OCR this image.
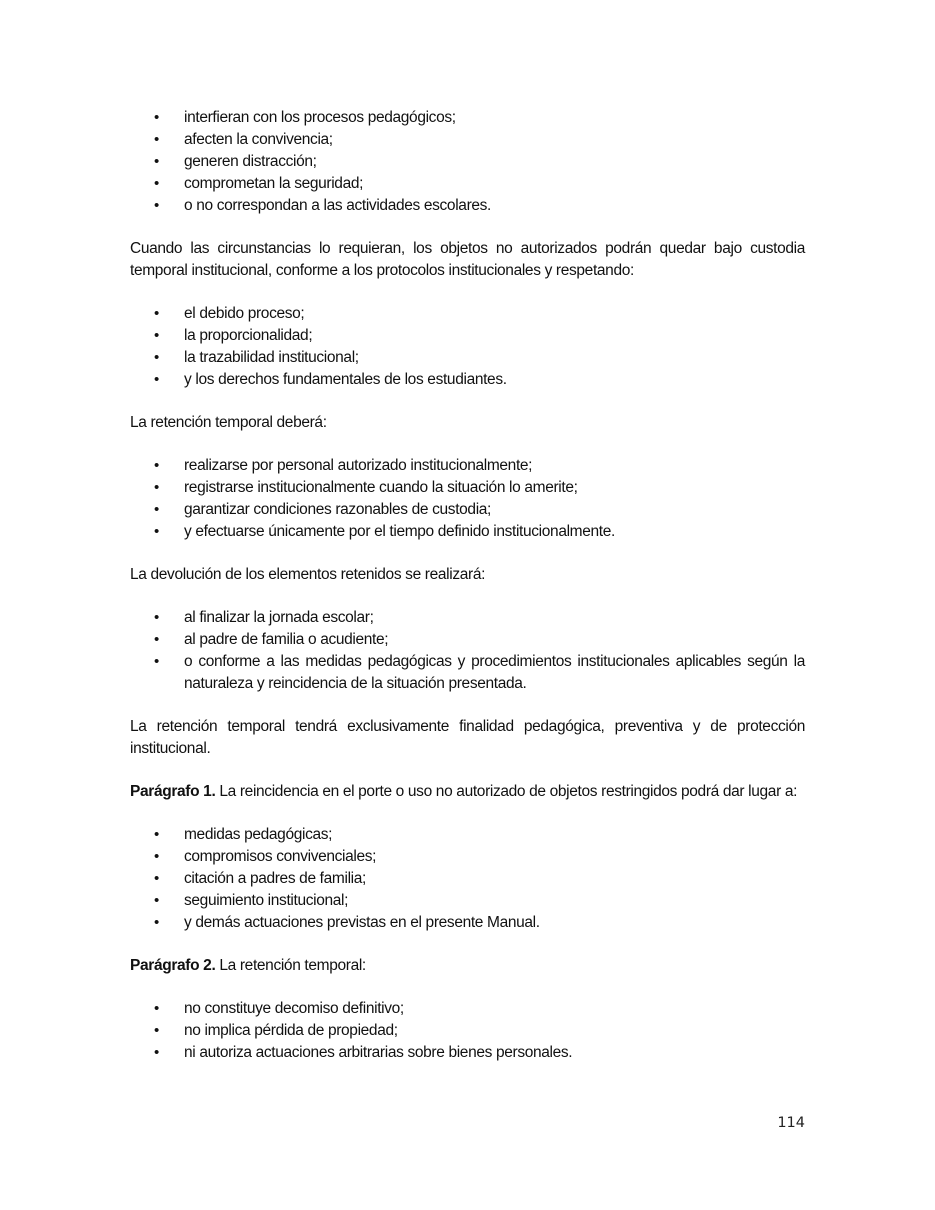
• interfieran con los procesos pedagógicos;
• afecten la convivencia;
• generen distracción;
• comprometan la seguridad;
• o no correspondan a las actividades escolares.

Cuando las circunstancias lo requieran, los objetos no autorizados podrán quedar bajo custodia temporal institucional, conforme a los protocolos institucionales y respetando:

• el debido proceso;
• la proporcionalidad;
• la trazabilidad institucional;
• y los derechos fundamentales de los estudiantes.

La retención temporal deberá:

• realizarse por personal autorizado institucionalmente;
• registrarse institucionalmente cuando la situación lo amerite;
• garantizar condiciones razonables de custodia;
• y efectuarse únicamente por el tiempo definido institucionalmente.

La devolución de los elementos retenidos se realizará:

• al finalizar la jornada escolar;
• al padre de familia o acudiente;
• o conforme a las medidas pedagógicas y procedimientos institucionales aplicables según la naturaleza y reincidencia de la situación presentada.

La retención temporal tendrá exclusivamente finalidad pedagógica, preventiva y de protección institucional.

Parágrafo 1. La reincidencia en el porte o uso no autorizado de objetos restringidos podrá dar lugar a:

• medidas pedagógicas;
• compromisos convivenciales;
• citación a padres de familia;
• seguimiento institucional;
• y demás actuaciones previstas en el presente Manual.

Parágrafo 2. La retención temporal:

• no constituye decomiso definitivo;
• no implica pérdida de propiedad;
• ni autoriza actuaciones arbitrarias sobre bienes personales.
114
